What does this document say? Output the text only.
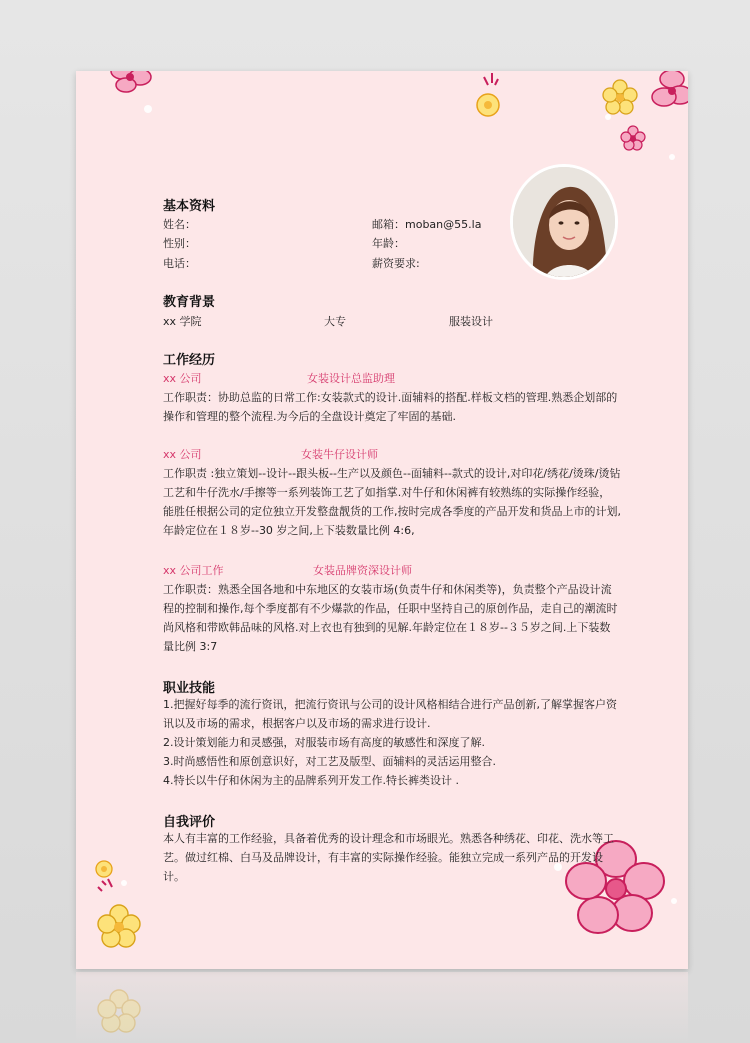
基本资料
姓名：	邮箱：moban@55.la
性别：	年龄：
电话：	薪资要求:
教育背景
xx 学院	大专	服装设计
工作经历
xx 公司	女装设计总监助理
工作职责：协助总监的日常工作:女装款式的设计.面辅料的搭配.样板文档的管理.熟悉企划部的操作和管理的整个流程.为今后的全盘设计奠定了牢固的基础.
xx 公司	女装牛仔设计师
工作职责 :独立策划--设计--跟头板--生产以及颜色--面辅料--款式的设计,对印花/绣花/烫珠/烫钻工艺和牛仔洗水/手擦等一系列装饰工艺了如指掌.对牛仔和休闲裤有较熟练的实际操作经验，能胜任根据公司的定位独立开发整盘靓货的工作,按时完成各季度的产品开发和货品上市的计划,年龄定位在１８岁--30 岁之间,上下装数量比例 4:6,
xx 公司工作	女装品牌资深设计师
工作职责：熟悉全国各地和中东地区的女装市场(负责牛仔和休闲类等)，负责整个产品设计流程的控制和操作,每个季度都有不少爆款的作品，任职中坚持自己的原创作品，走自己的潮流时尚风格和带欧韩品味的风格.对上衣也有独到的见解.年龄定位在１８岁--３５岁之间.上下装数量比例 3:7
职业技能
1.把握好每季的流行资讯，把流行资讯与公司的设计风格相结合进行产品创新,了解掌握客户资讯以及市场的需求，根据客户以及市场的需求进行设计.
2.设计策划能力和灵感强，对服装市场有高度的敏感性和深度了解.
3.时尚感悟性和原创意识好，对工艺及版型、面辅料的灵活运用整合.
4.特长以牛仔和休闲为主的品牌系列开发工作.特长裤类设计 .
自我评价
本人有丰富的工作经验，具备着优秀的设计理念和市场眼光。熟悉各种绣花、印花、洗水等工艺。做过红棉、白马及品牌设计，有丰富的实际操作经验。能独立完成一系列产品的开发设计。
